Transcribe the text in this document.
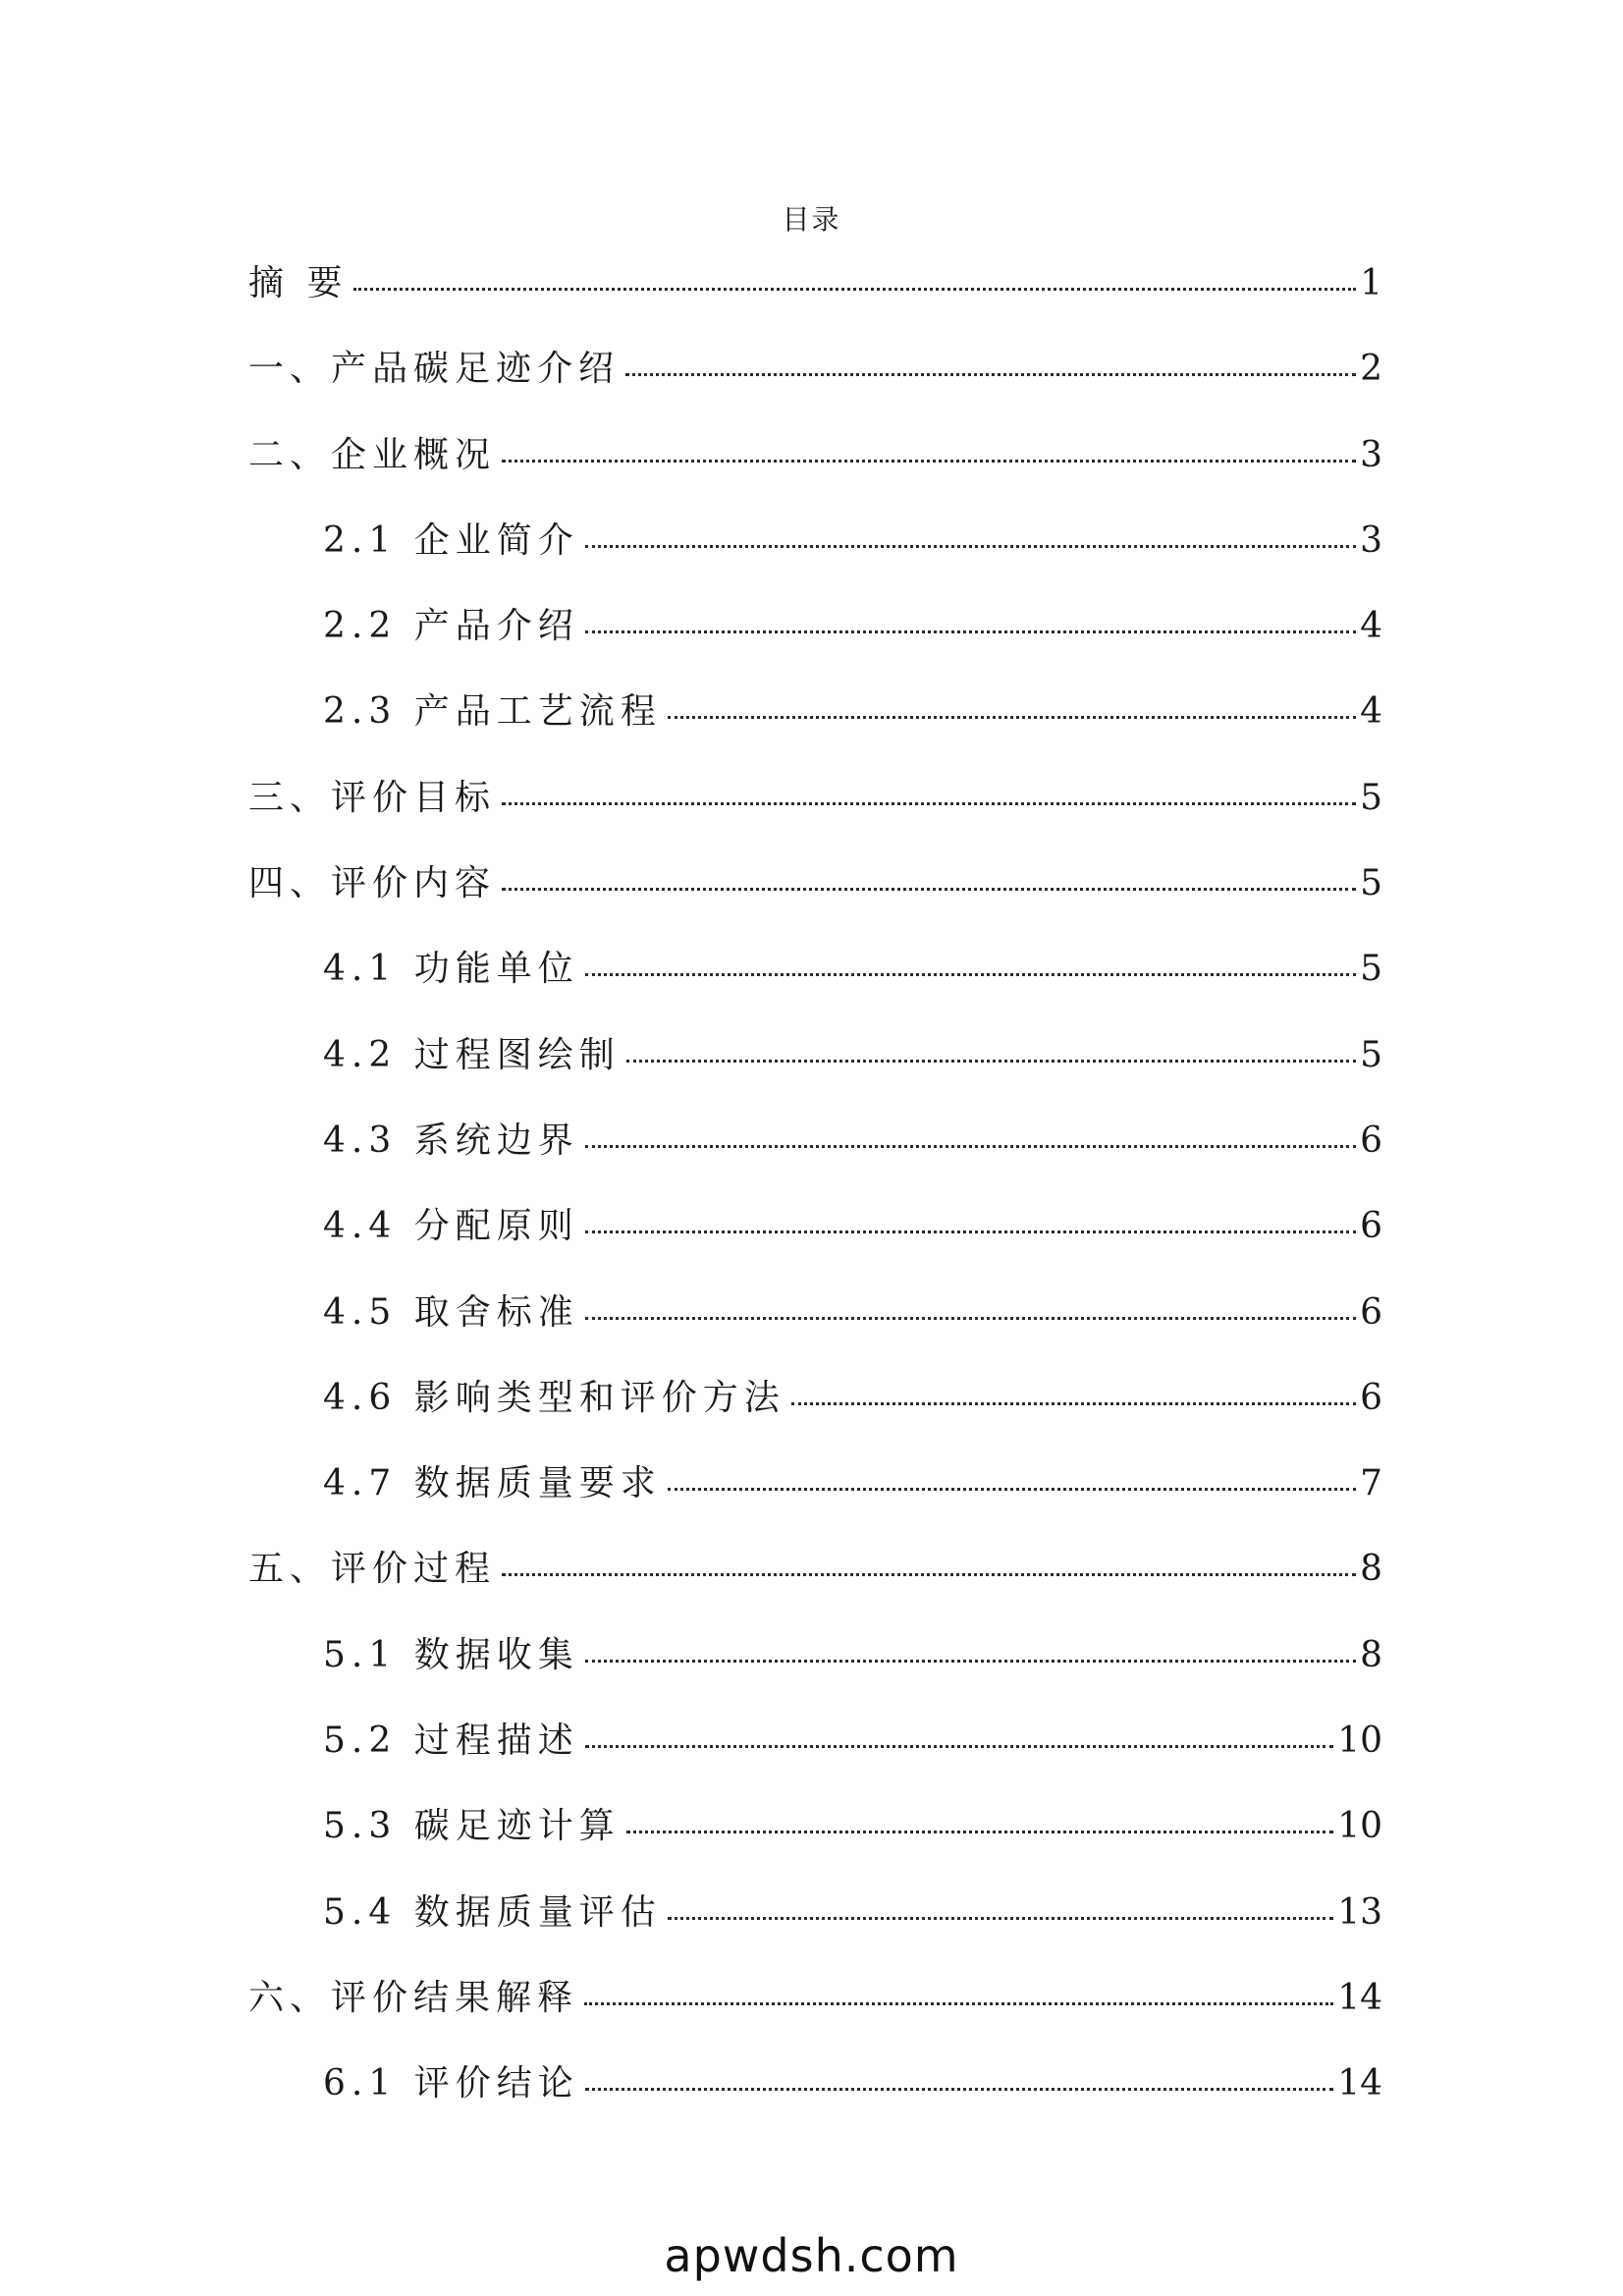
目录
摘 要	1
一、产品碳足迹介绍	2
二、企业概况	3
2.1 企业简介	3
2.2 产品介绍	4
2.3 产品工艺流程	4
三、评价目标	5
四、评价内容	5
4.1 功能单位	5
4.2 过程图绘制	5
4.3 系统边界	6
4.4 分配原则	6
4.5 取舍标准	6
4.6 影响类型和评价方法	6
4.7 数据质量要求	7
五、评价过程	8
5.1 数据收集	8
5.2 过程描述	10
5.3 碳足迹计算	10
5.4 数据质量评估	13
六、评价结果解释	14
6.1 评价结论	14
apwdsh.com
